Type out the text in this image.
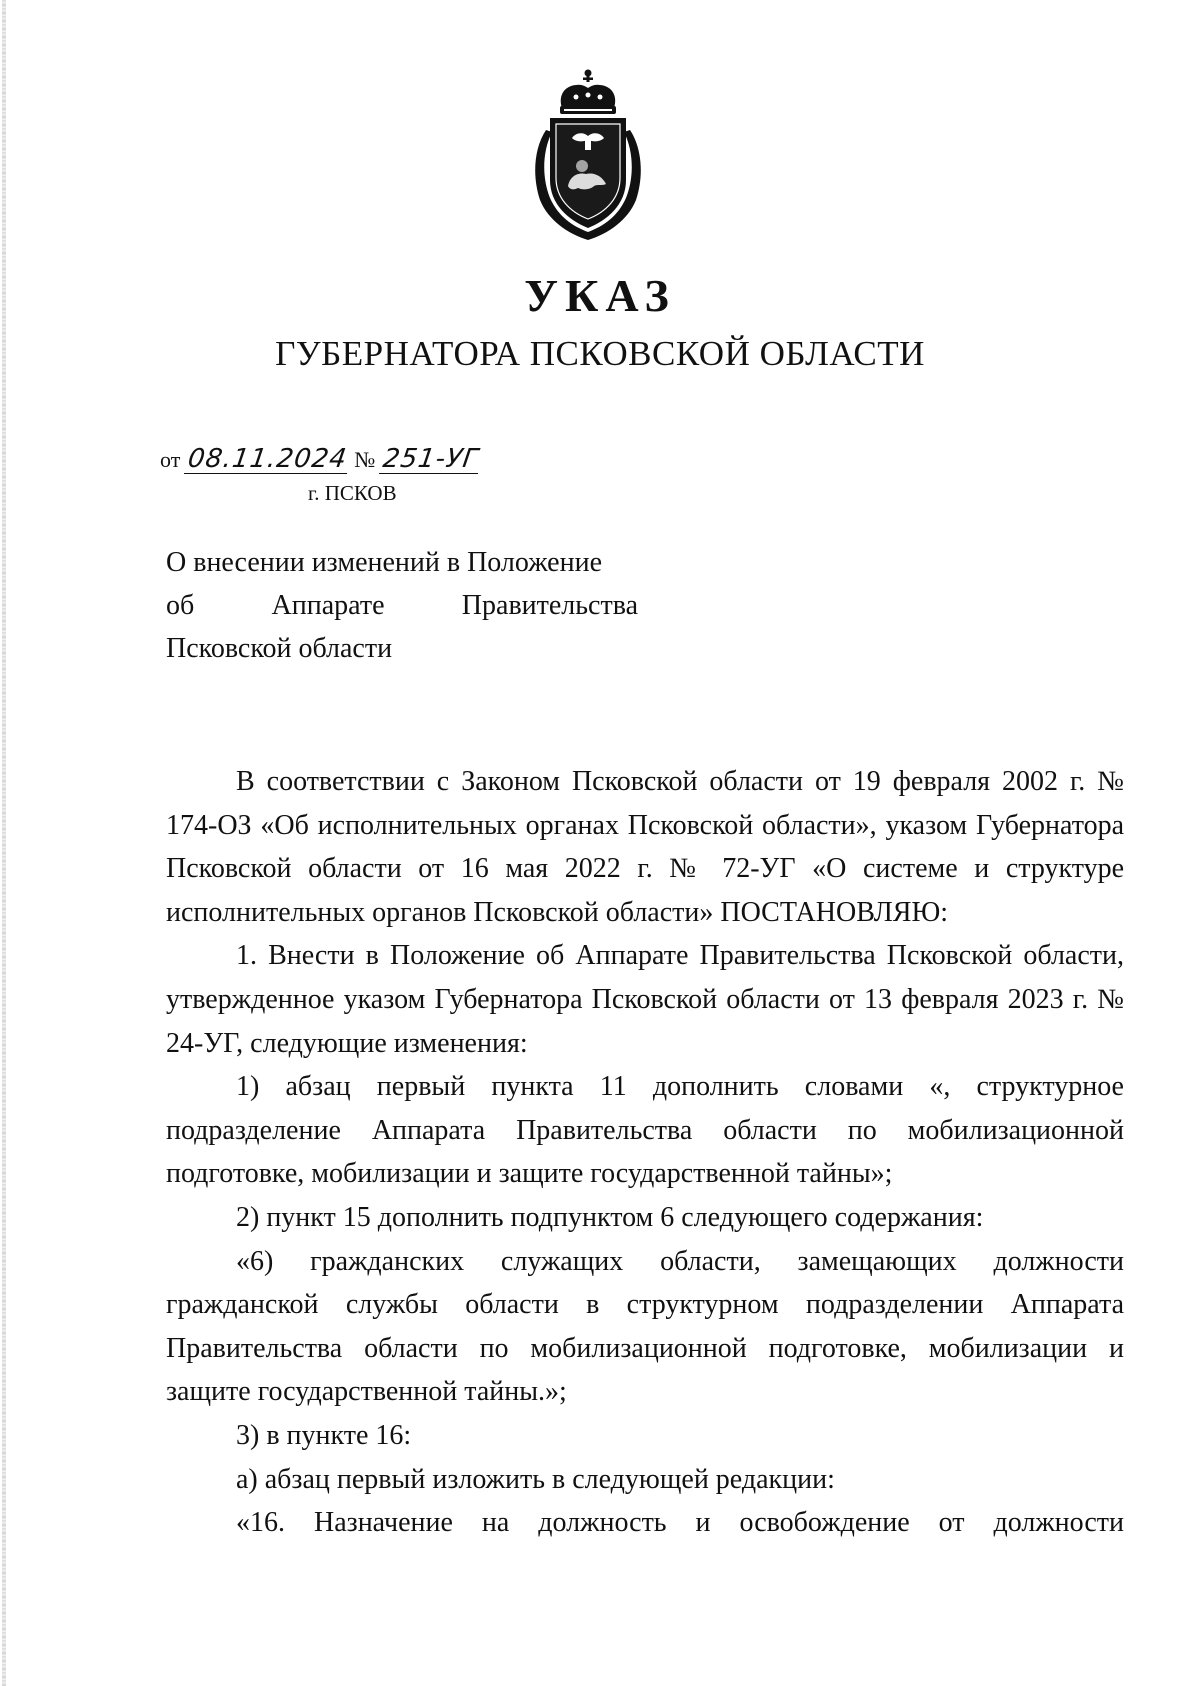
УКАЗ
ГУБЕРНАТОРА ПСКОВСКОЙ ОБЛАСТИ
от 08.11.2024 № 251-УГ
г. ПСКОВ
О внесении изменений в Положение
об Аппарате Правительства
Псковской области

В соответствии с Законом Псковской области от 19 февраля 2002 г. № 174-ОЗ «Об исполнительных органах Псковской области», указом Губернатора Псковской области от 16 мая 2022 г. № 72-УГ «О системе и структуре исполнительных органов Псковской области» ПОСТАНОВЛЯЮ:

1. Внести в Положение об Аппарате Правительства Псковской области, утвержденное указом Губернатора Псковской области от 13 февраля 2023 г. № 24-УГ, следующие изменения:

1) абзац первый пункта 11 дополнить словами «, структурное подразделение Аппарата Правительства области по мобилизационной подготовке, мобилизации и защите государственной тайны»;

2) пункт 15 дополнить подпунктом 6 следующего содержания:

«6) гражданских служащих области, замещающих должности гражданской службы области в структурном подразделении Аппарата Правительства области по мобилизационной подготовке, мобилизации и защите государственной тайны.»;

3) в пункте 16:

а) абзац первый изложить в следующей редакции:

«16. Назначение на должность и освобождение от должности
